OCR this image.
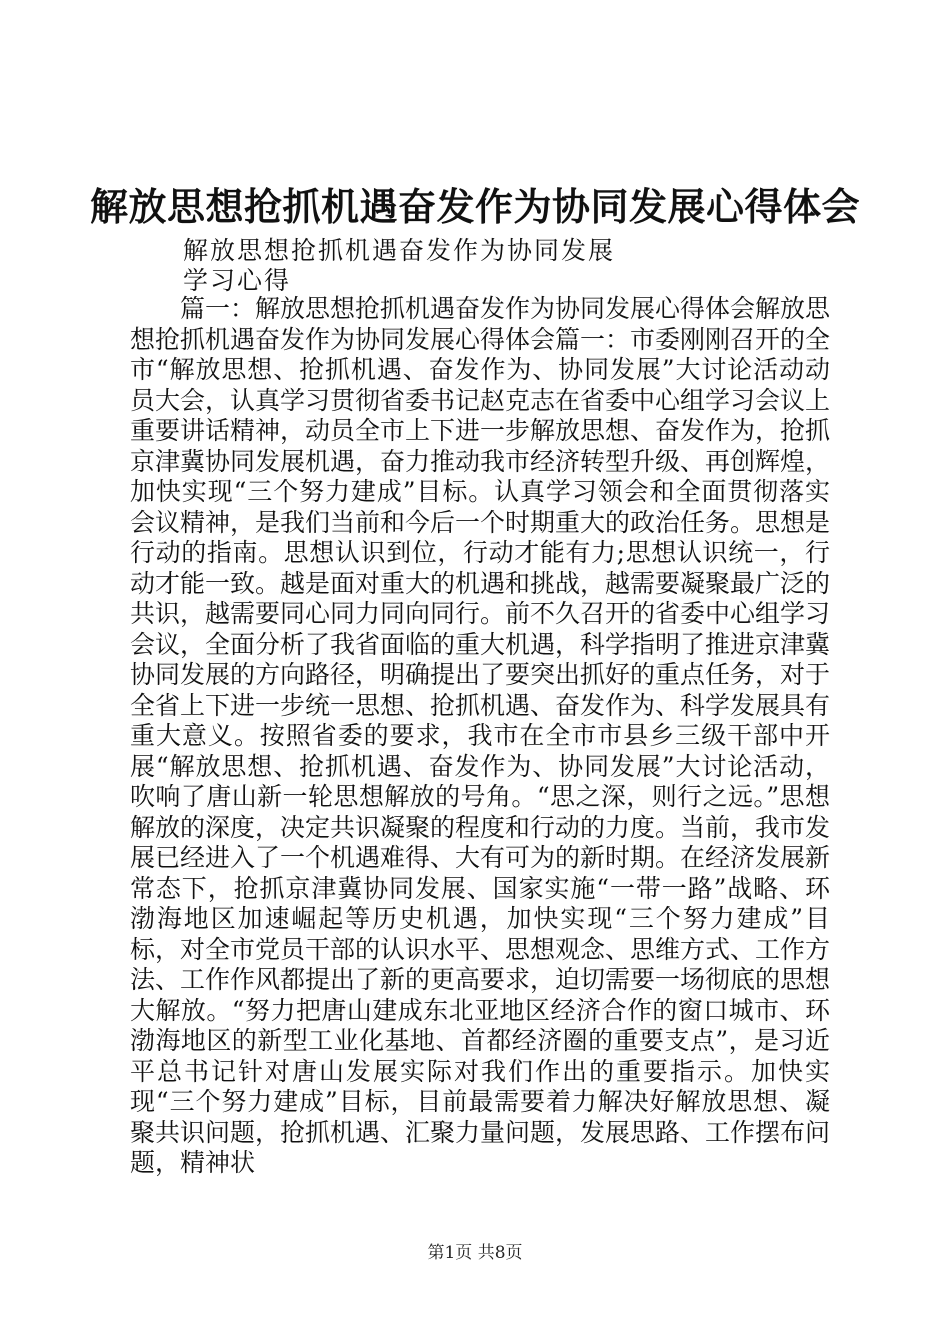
解放思想抢抓机遇奋发作为协同发展心得体会

解放思想抢抓机遇奋发作为协同发展学习心得

篇一：解放思想抢抓机遇奋发作为协同发展心得体会解放思想抢抓机遇奋发作为协同发展心得体会篇一：市委刚刚召开的全市“解放思想、抢抓机遇、奋发作为、协同发展”大讨论活动动员大会，认真学习贯彻省委书记赵克志在省委中心组学习会议上重要讲话精神，动员全市上下进一步解放思想、奋发作为，抢抓京津冀协同发展机遇，奋力推动我市经济转型升级、再创辉煌，加快实现“三个努力建成”目标。认真学习领会和全面贯彻落实会议精神，是我们当前和今后一个时期重大的政治任务。思想是行动的指南。思想认识到位，行动才能有力;思想认识统一，行动才能一致。越是面对重大的机遇和挑战，越需要凝聚最广泛的共识，越需要同心同力同向同行。前不久召开的省委中心组学习会议，全面分析了我省面临的重大机遇，科学指明了推进京津冀协同发展的方向路径，明确提出了要突出抓好的重点任务，对于全省上下进一步统一思想、抢抓机遇、奋发作为、科学发展具有重大意义。按照省委的要求，我市在全市市县乡三级干部中开展“解放思想、抢抓机遇、奋发作为、协同发展”大讨论活动，吹响了唐山新一轮思想解放的号角。“思之深，则行之远。”思想解放的深度，决定共识凝聚的程度和行动的力度。当前，我市发展已经进入了一个机遇难得、大有可为的新时期。在经济发展新常态下，抢抓京津冀协同发展、国家实施“一带一路”战略、环渤海地区加速崛起等历史机遇，加快实现“三个努力建成”目标，对全市党员干部的认识水平、思想观念、思维方式、工作方法、工作作风都提出了新的更高要求，迫切需要一场彻底的思想大解放。“努力把唐山建成东北亚地区经济合作的窗口城市、环渤海地区的新型工业化基地、首都经济圈的重要支点”，是习近平总书记针对唐山发展实际对我们作出的重要指示。加快实现“三个努力建成”目标，目前最需要着力解决好解放思想、凝聚共识问题，抢抓机遇、汇聚力量问题，发展思路、工作摆布问题，精神状

第1页 共8页
